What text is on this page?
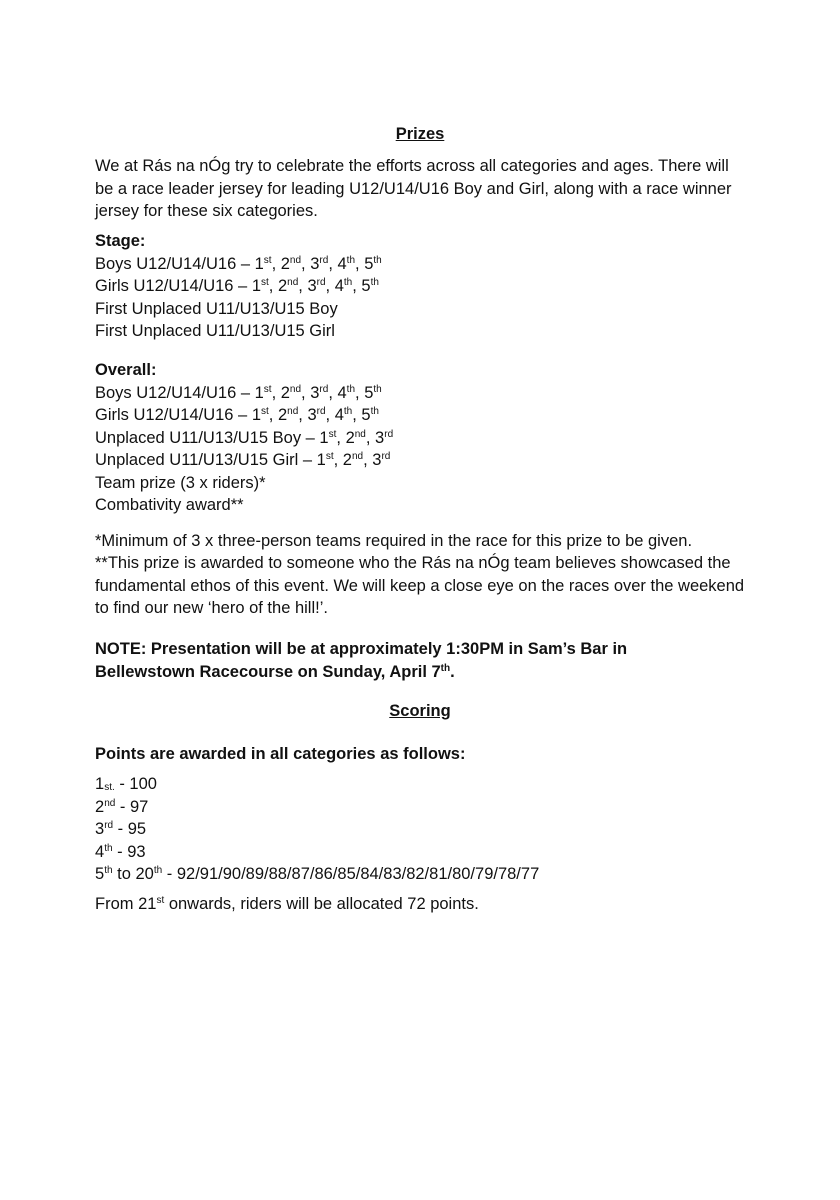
Prizes
We at Rás na nÓg try to celebrate the efforts across all categories and ages. There will be a race leader jersey for leading U12/U14/U16 Boy and Girl, along with a race winner jersey for these six categories.
Stage:
Boys U12/U14/U16 – 1st, 2nd, 3rd, 4th, 5th
Girls U12/U14/U16 – 1st, 2nd, 3rd, 4th, 5th
First Unplaced U11/U13/U15 Boy
First Unplaced U11/U13/U15 Girl
Overall:
Boys U12/U14/U16 – 1st, 2nd, 3rd, 4th, 5th
Girls U12/U14/U16 – 1st, 2nd, 3rd, 4th, 5th
Unplaced U11/U13/U15 Boy – 1st, 2nd, 3rd
Unplaced U11/U13/U15 Girl – 1st, 2nd, 3rd
Team prize (3 x riders)*
Combativity award**
*Minimum of 3 x three-person teams required in the race for this prize to be given.
**This prize is awarded to someone who the Rás na nÓg team believes showcased the fundamental ethos of this event. We will keep a close eye on the races over the weekend to find our new ‘hero of the hill!’.
NOTE: Presentation will be at approximately 1:30PM in Sam’s Bar in
Bellewstown Racecourse on Sunday, April 7th.
Scoring
Points are awarded in all categories as follows:
$1_{st.} - 100$
2nd - 97
3rd - 95
4th - 93
5th to 20th - 92/91/90/89/88/87/86/85/84/83/82/81/80/79/78/77
From 21st onwards, riders will be allocated 72 points.
